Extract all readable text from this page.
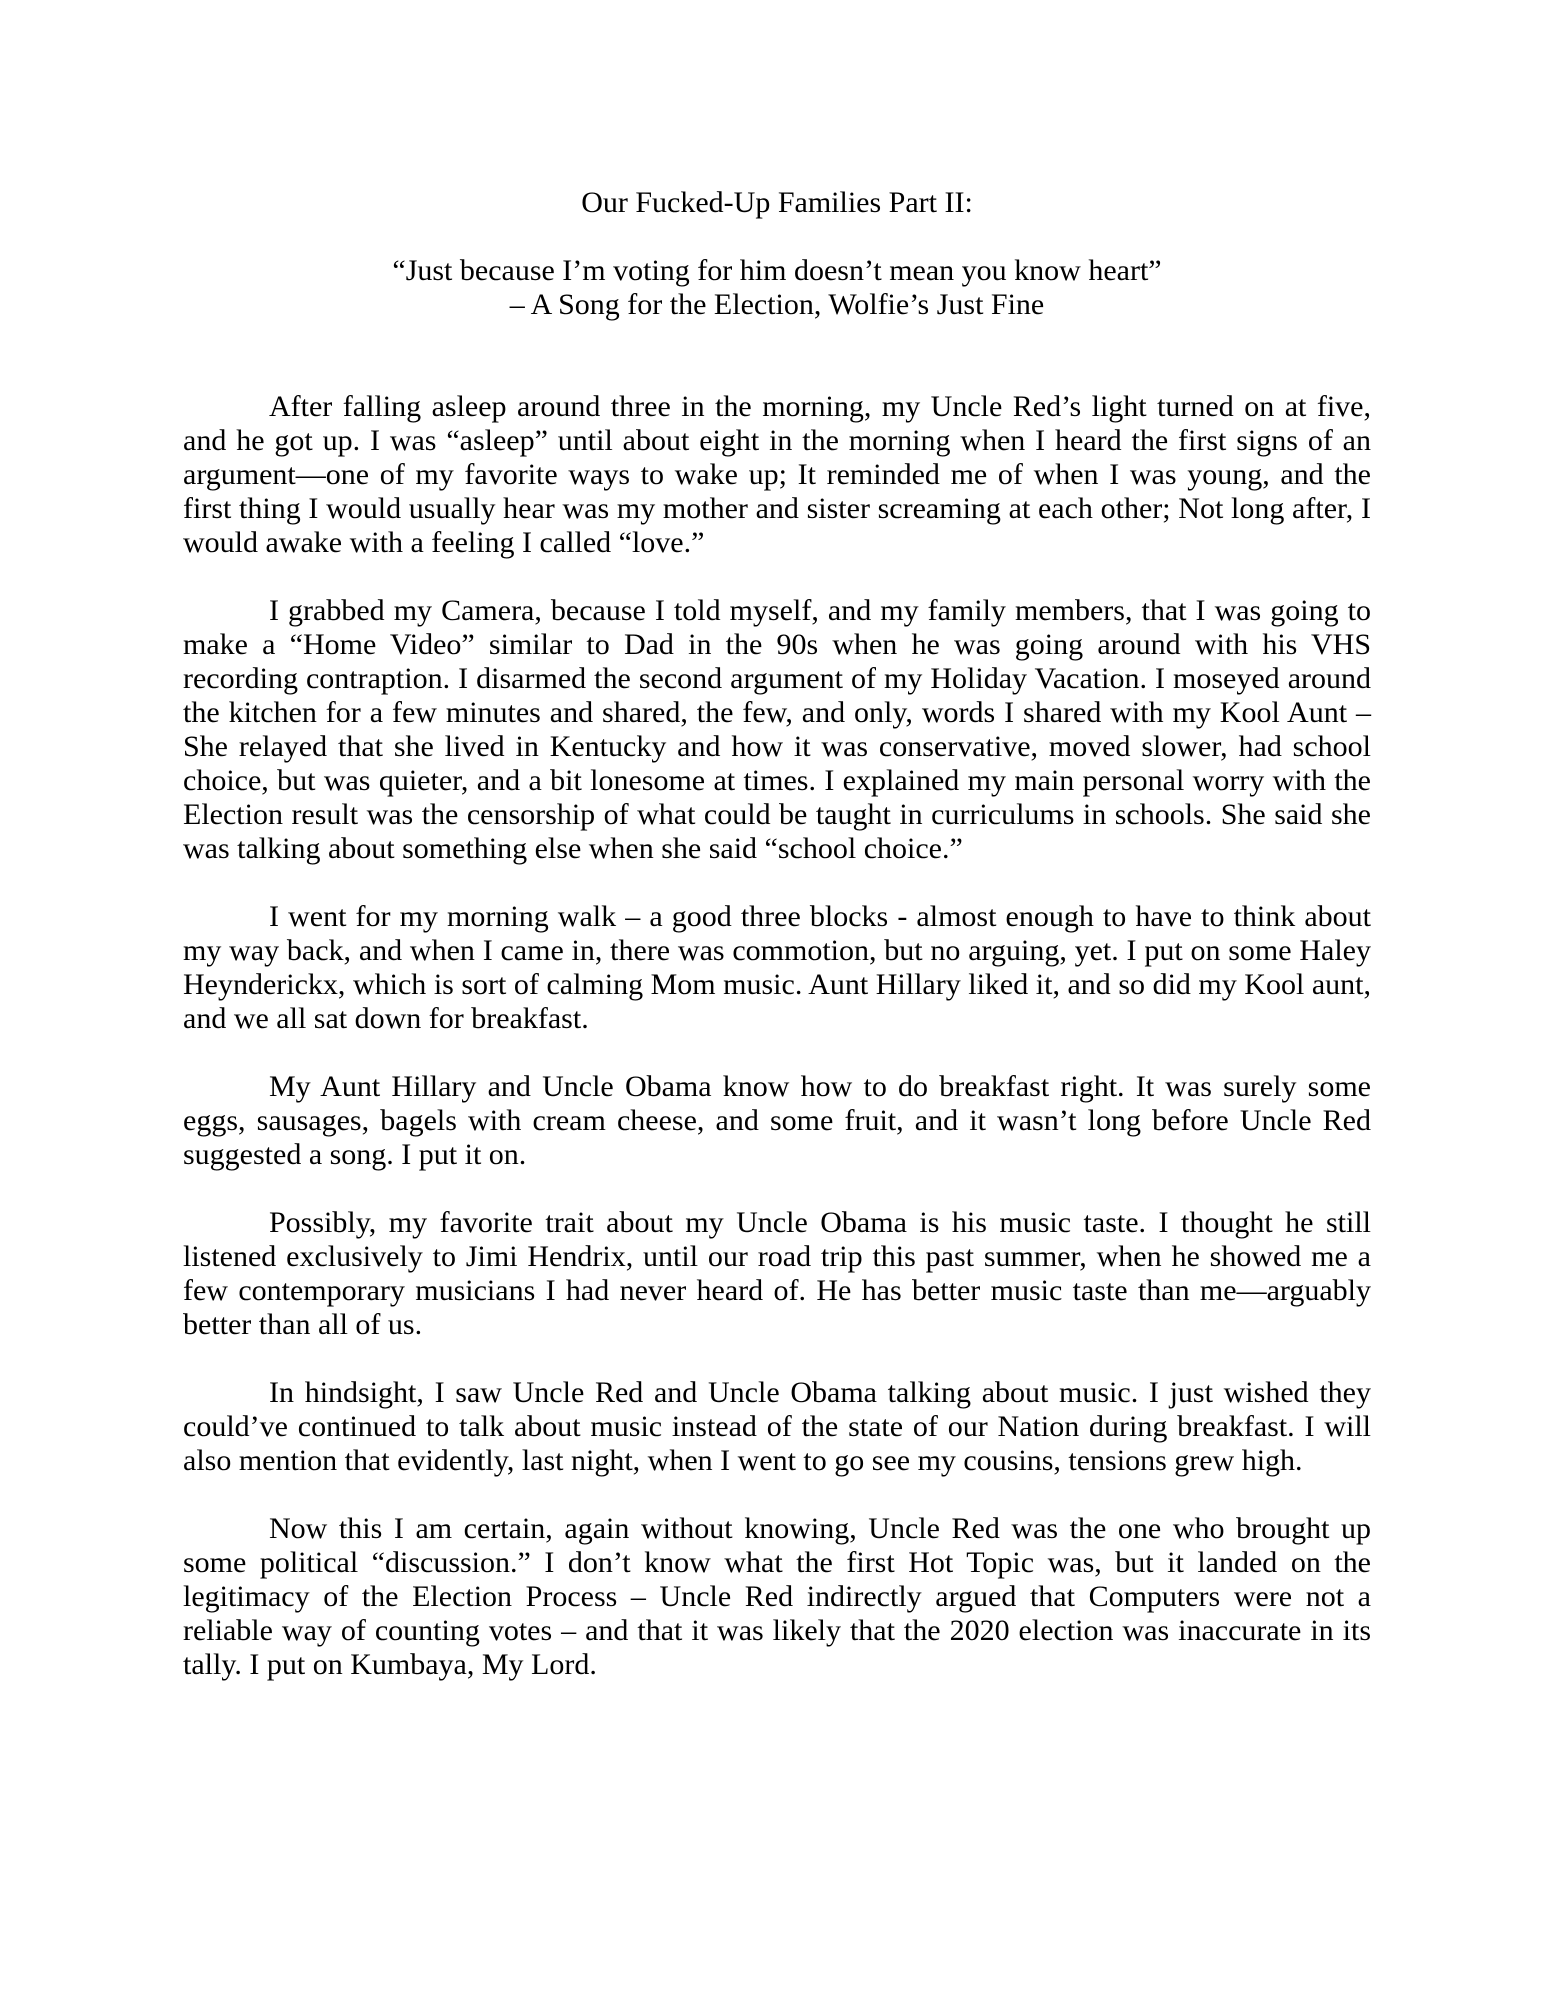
Our Fucked-Up Families Part II:

“Just because I’m voting for him doesn’t mean you know heart”

– A Song for the Election, Wolfie’s Just Fine

After falling asleep around three in the morning, my Uncle Red’s light turned on at five, and he got up. I was “asleep” until about eight in the morning when I heard the first signs of an argument—one of my favorite ways to wake up; It reminded me of when I was young, and the first thing I would usually hear was my mother and sister screaming at each other; Not long after, I would awake with a feeling I called “love.”

I grabbed my Camera, because I told myself, and my family members, that I was going to make a “Home Video” similar to Dad in the 90s when he was going around with his VHS recording contraption. I disarmed the second argument of my Holiday Vacation. I moseyed around the kitchen for a few minutes and shared, the few, and only, words I shared with my Kool Aunt – She relayed that she lived in Kentucky and how it was conservative, moved slower, had school choice, but was quieter, and a bit lonesome at times. I explained my main personal worry with the Election result was the censorship of what could be taught in curriculums in schools. She said she was talking about something else when she said “school choice.”

I went for my morning walk – a good three blocks - almost enough to have to think about my way back, and when I came in, there was commotion, but no arguing, yet. I put on some Haley Heynderickx, which is sort of calming Mom music. Aunt Hillary liked it, and so did my Kool aunt, and we all sat down for breakfast.

My Aunt Hillary and Uncle Obama know how to do breakfast right. It was surely some eggs, sausages, bagels with cream cheese, and some fruit, and it wasn’t long before Uncle Red suggested a song. I put it on.

Possibly, my favorite trait about my Uncle Obama is his music taste. I thought he still listened exclusively to Jimi Hendrix, until our road trip this past summer, when he showed me a few contemporary musicians I had never heard of. He has better music taste than me—arguably better than all of us.

In hindsight, I saw Uncle Red and Uncle Obama talking about music. I just wished they could’ve continued to talk about music instead of the state of our Nation during breakfast. I will also mention that evidently, last night, when I went to go see my cousins, tensions grew high.

Now this I am certain, again without knowing, Uncle Red was the one who brought up some political “discussion.” I don’t know what the first Hot Topic was, but it landed on the legitimacy of the Election Process – Uncle Red indirectly argued that Computers were not a reliable way of counting votes – and that it was likely that the 2020 election was inaccurate in its tally. I put on Kumbaya, My Lord.
